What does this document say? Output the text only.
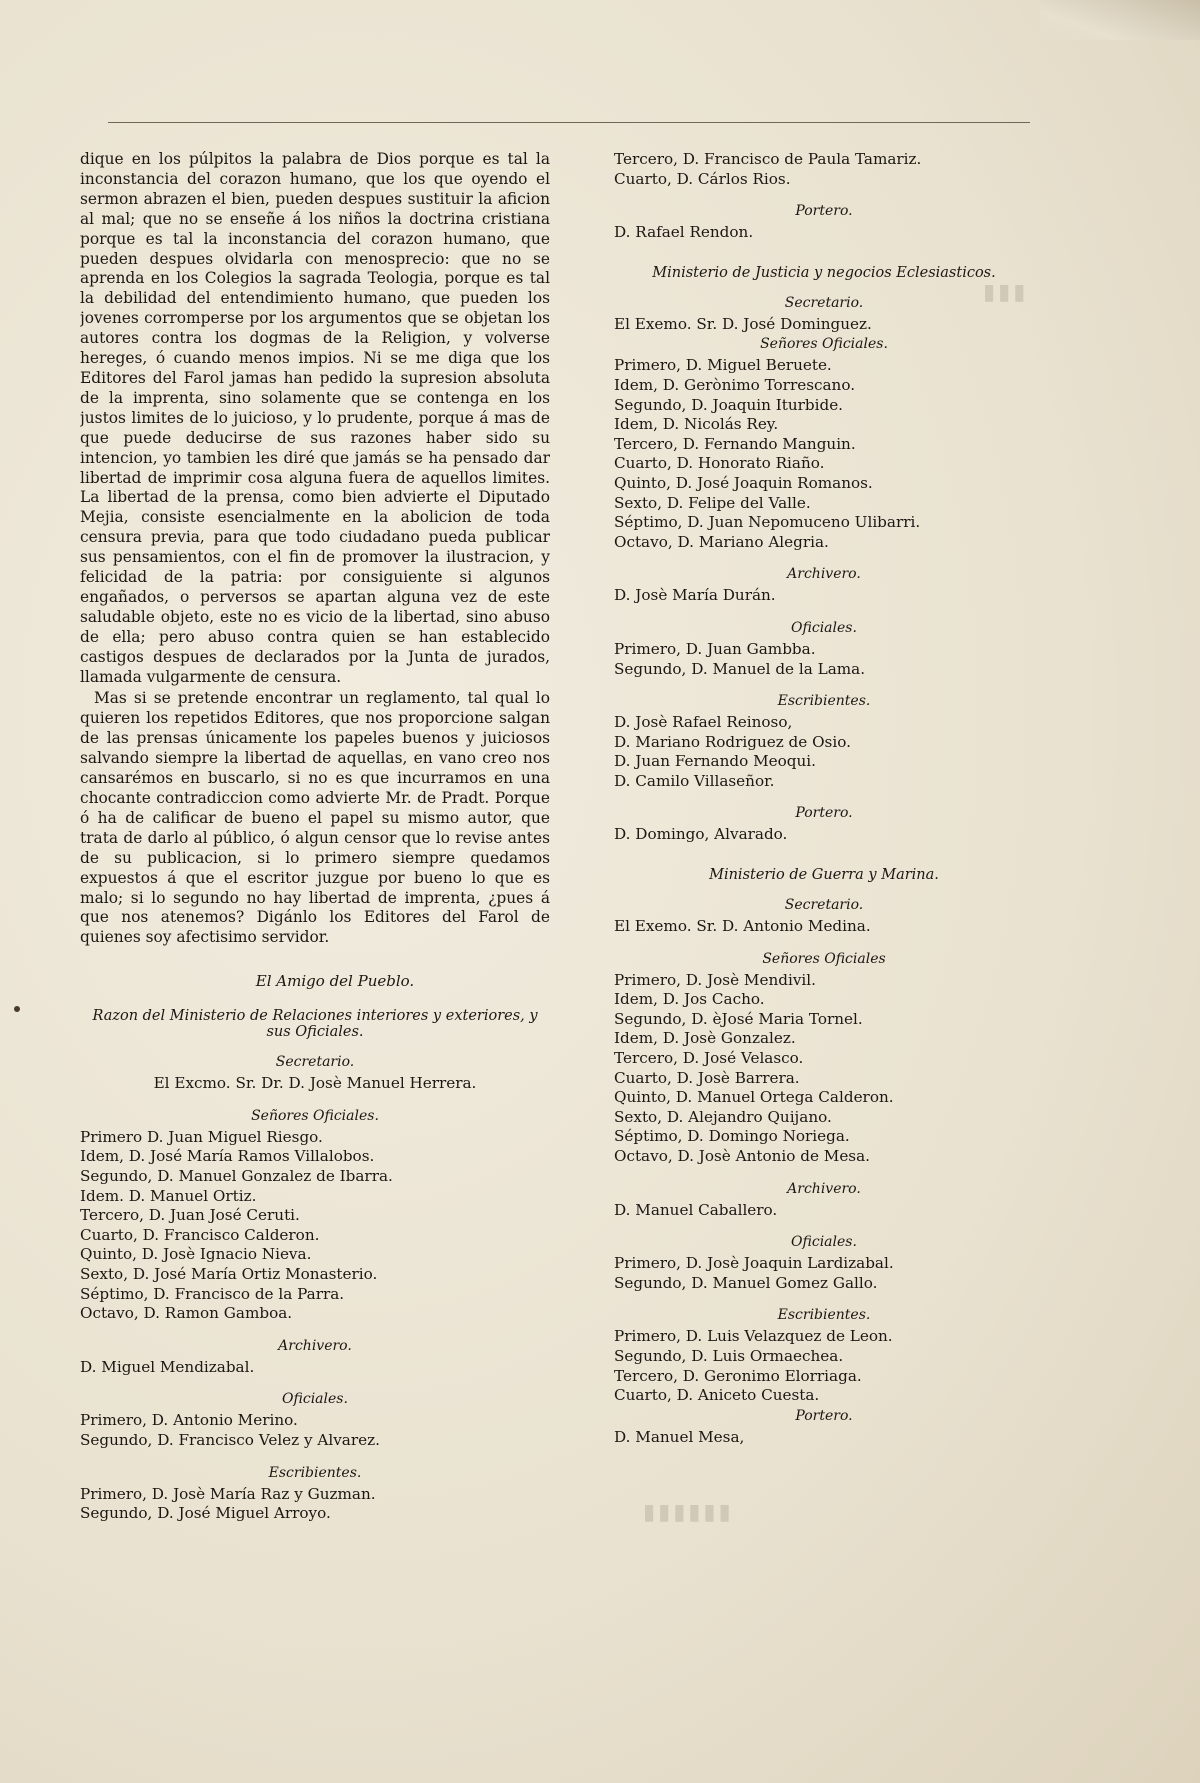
▮▮▮▮▮▮
▮▮▮

dique en los púlpitos la palabra de Dios porque es tal la inconstancia del corazon humano, que los que oyendo el sermon abrazen el bien, pueden despues sustituir la aficion al mal; que no se enseñe á los niños la doctrina cristiana porque es tal la inconstancia del corazon humano, que pueden despues olvidarla con menosprecio: que no se aprenda en los Colegios la sagrada Teologia, porque es tal la debilidad del entendimiento humano, que pueden los jovenes corromperse por los argumentos que se objetan los autores contra los dogmas de la Religion, y volverse hereges, ó cuando menos impios. Ni se me diga que los Editores del Farol jamas han pedido la supresion absoluta de la imprenta, sino solamente que se contenga en los justos limites de lo juicioso, y lo prudente, porque á mas de que puede deducirse de sus razones haber sido su intencion, yo tambien les diré que jamás se ha pensado dar libertad de imprimir cosa alguna fuera de aquellos limites. La libertad de la prensa, como bien advierte el Diputado Mejia, consiste esencialmente en la abolicion de toda censura previa, para que todo ciudadano pueda publicar sus pensamientos, con el fin de promover la ilustracion, y felicidad de la patria: por consiguiente si algunos engañados, o perversos se apartan alguna vez de este saludable objeto, este no es vicio de la libertad, sino abuso de ella; pero abuso contra quien se han establecido castigos despues de declarados por la Junta de jurados, llamada vulgarmente de censura.

Mas si se pretende encontrar un reglamento, tal qual lo quieren los repetidos Editores, que nos proporcione salgan de las prensas únicamente los papeles buenos y juiciosos salvando siempre la libertad de aquellas, en vano creo nos cansarémos en buscarlo, si no es que incurramos en una chocante contradiccion como advierte Mr. de Pradt. Porque ó ha de calificar de bueno el papel su mismo autor, que trata de darlo al público, ó algun censor que lo revise antes de su publicacion, si lo primero siempre quedamos expuestos á que el escritor juzgue por bueno lo que es malo; si lo segundo no hay libertad de imprenta, ¿pues á que nos atenemos? Digánlo los Editores del Farol de quienes soy afectisimo servidor.

El Amigo del Pueblo.
Razon del Ministerio de Relaciones interiores y exteriores, y sus Oficiales.
Secretario.

El Excmo. Sr. Dr. D. Josè Manuel Herrera.

Señores Oficiales.

Primero D. Juan Miguel Riesgo.

Idem, D. José María Ramos Villalobos.

Segundo, D. Manuel Gonzalez de Ibarra.

Idem. D. Manuel Ortiz.

Tercero, D. Juan José Ceruti.

Cuarto, D. Francisco Calderon.

Quinto, D. Josè Ignacio Nieva.

Sexto, D. José María Ortiz Monasterio.

Séptimo, D. Francisco de la Parra.

Octavo, D. Ramon Gamboa.

Archivero.

D. Miguel Mendizabal.

Oficiales.

Primero, D. Antonio Merino.

Segundo, D. Francisco Velez y Alvarez.

Escribientes.

Primero, D. Josè María Raz y Guzman.

Segundo, D. José Miguel Arroyo.

Tercero, D. Francisco de Paula Tamariz.

Cuarto, D. Cárlos Rios.

Portero.

D. Rafael Rendon.

Ministerio de Justicia y negocios Eclesiasticos.
Secretario.

El Exemo. Sr. D. José Dominguez.

Señores Oficiales.

Primero, D. Miguel Beruete.

Idem, D. Gerònimo Torrescano.

Segundo, D. Joaquin Iturbide.

Idem, D. Nicolás Rey.

Tercero, D. Fernando Manguin.

Cuarto, D. Honorato Riaño.

Quinto, D. José Joaquin Romanos.

Sexto, D. Felipe del Valle.

Séptimo, D. Juan Nepomuceno Ulibarri.

Octavo, D. Mariano Alegria.

Archivero.

D. Josè María Durán.

Oficiales.

Primero, D. Juan Gambba.

Segundo, D. Manuel de la Lama.

Escribientes.

D. Josè Rafael Reinoso,

D. Mariano Rodriguez de Osio.

D. Juan Fernando Meoqui.

D. Camilo Villaseñor.

Portero.

D. Domingo, Alvarado.

Ministerio de Guerra y Marina.
Secretario.

El Exemo. Sr. D. Antonio Medina.

Señores Oficiales

Primero, D. Josè Mendivil.

Idem, D. Jos Cacho.

Segundo, D. èJosé Maria Tornel.

Idem, D. Josè Gonzalez.

Tercero, D. José Velasco.

Cuarto, D. Josè Barrera.

Quinto, D. Manuel Ortega Calderon.

Sexto, D. Alejandro Quijano.

Séptimo, D. Domingo Noriega.

Octavo, D. Josè Antonio de Mesa.

Archivero.

D. Manuel Caballero.

Oficiales.

Primero, D. Josè Joaquin Lardizabal.

Segundo, D. Manuel Gomez Gallo.

Escribientes.

Primero, D. Luis Velazquez de Leon.

Segundo, D. Luis Ormaechea.

Tercero, D. Geronimo Elorriaga.

Cuarto, D. Aniceto Cuesta.

Portero.

D. Manuel Mesa,
